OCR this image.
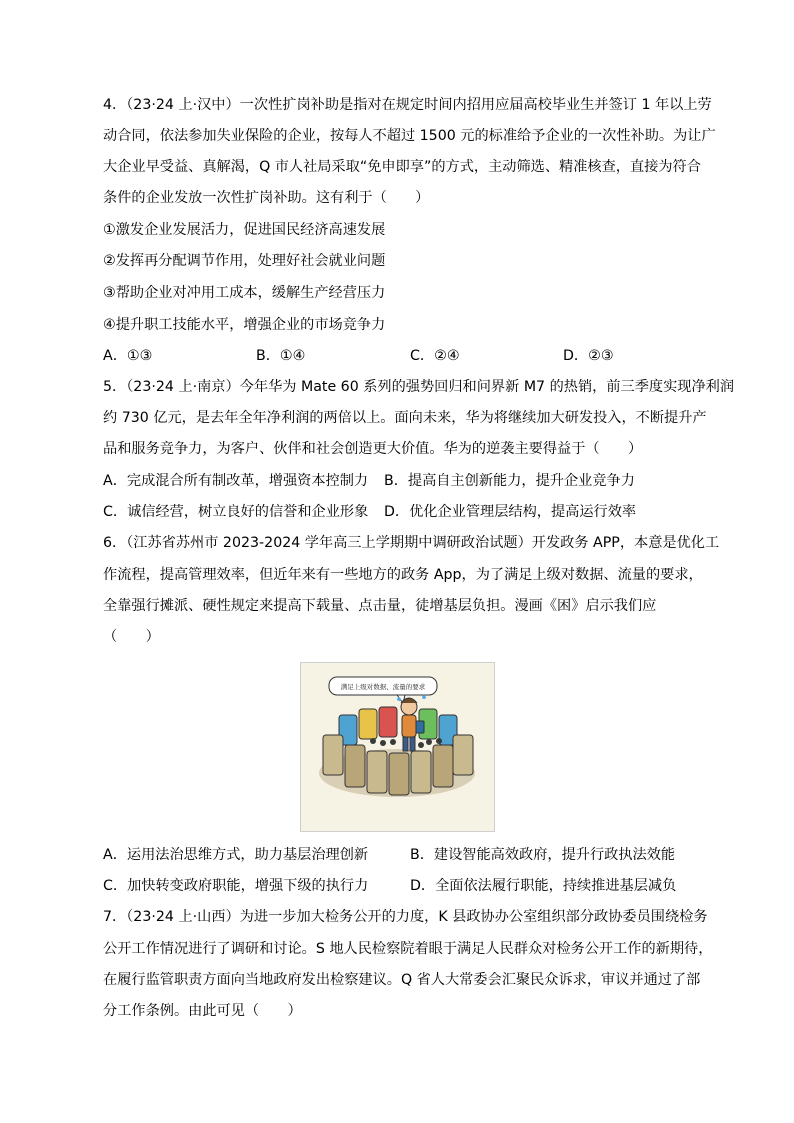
4．（23·24 上·汉中）一次性扩岗补助是指对在规定时间内招用应届高校毕业生并签订 1 年以上劳
动合同，依法参加失业保险的企业，按每人不超过 1500 元的标准给予企业的一次性补助。为让广
大企业早受益、真解渴，Q 市人社局采取“免申即享”的方式，主动筛选、精准核查，直接为符合
条件的企业发放一次性扩岗补助。这有利于（　　）
①激发企业发展活力，促进国民经济高速发展
②发挥再分配调节作用，处理好社会就业问题
③帮助企业对冲用工成本，缓解生产经营压力
④提升职工技能水平，增强企业的市场竞争力
A．①③	B．①④	C．②④	D．②③
5．（23·24 上·南京）今年华为 Mate 60 系列的强势回归和问界新 M7 的热销，前三季度实现净利润
约 730 亿元，是去年全年净利润的两倍以上。面向未来，华为将继续加大研发投入，不断提升产
品和服务竞争力，为客户、伙伴和社会创造更大价值。华为的逆袭主要得益于（　　）
A．完成混合所有制改革，增强资本控制力 B．提高自主创新能力，提升企业竞争力
C．诚信经营，树立良好的信誉和企业形象 D．优化企业管理层结构，提高运行效率
6．（江苏省苏州市 2023-2024 学年高三上学期期中调研政治试题）开发政务 APP，本意是优化工
作流程，提高管理效率，但近年来有一些地方的政务 App，为了满足上级对数据、流量的要求，
全靠强行摊派、硬性规定来提高下载量、点击量，徒增基层负担。漫画《困》启示我们应
（　　）
满足上级对数据、流量的要求
A．运用法治思维方式，助力基层治理创新	B．建设智能高效政府，提升行政执法效能
C．加快转变政府职能，增强下级的执行力	D．全面依法履行职能，持续推进基层减负
7．（23·24 上·山西）为进一步加大检务公开的力度，K 县政协办公室组织部分政协委员围绕检务
公开工作情况进行了调研和讨论。S 地人民检察院着眼于满足人民群众对检务公开工作的新期待，
在履行监管职责方面向当地政府发出检察建议。Q 省人大常委会汇聚民众诉求，审议并通过了部
分工作条例。由此可见（　　）
